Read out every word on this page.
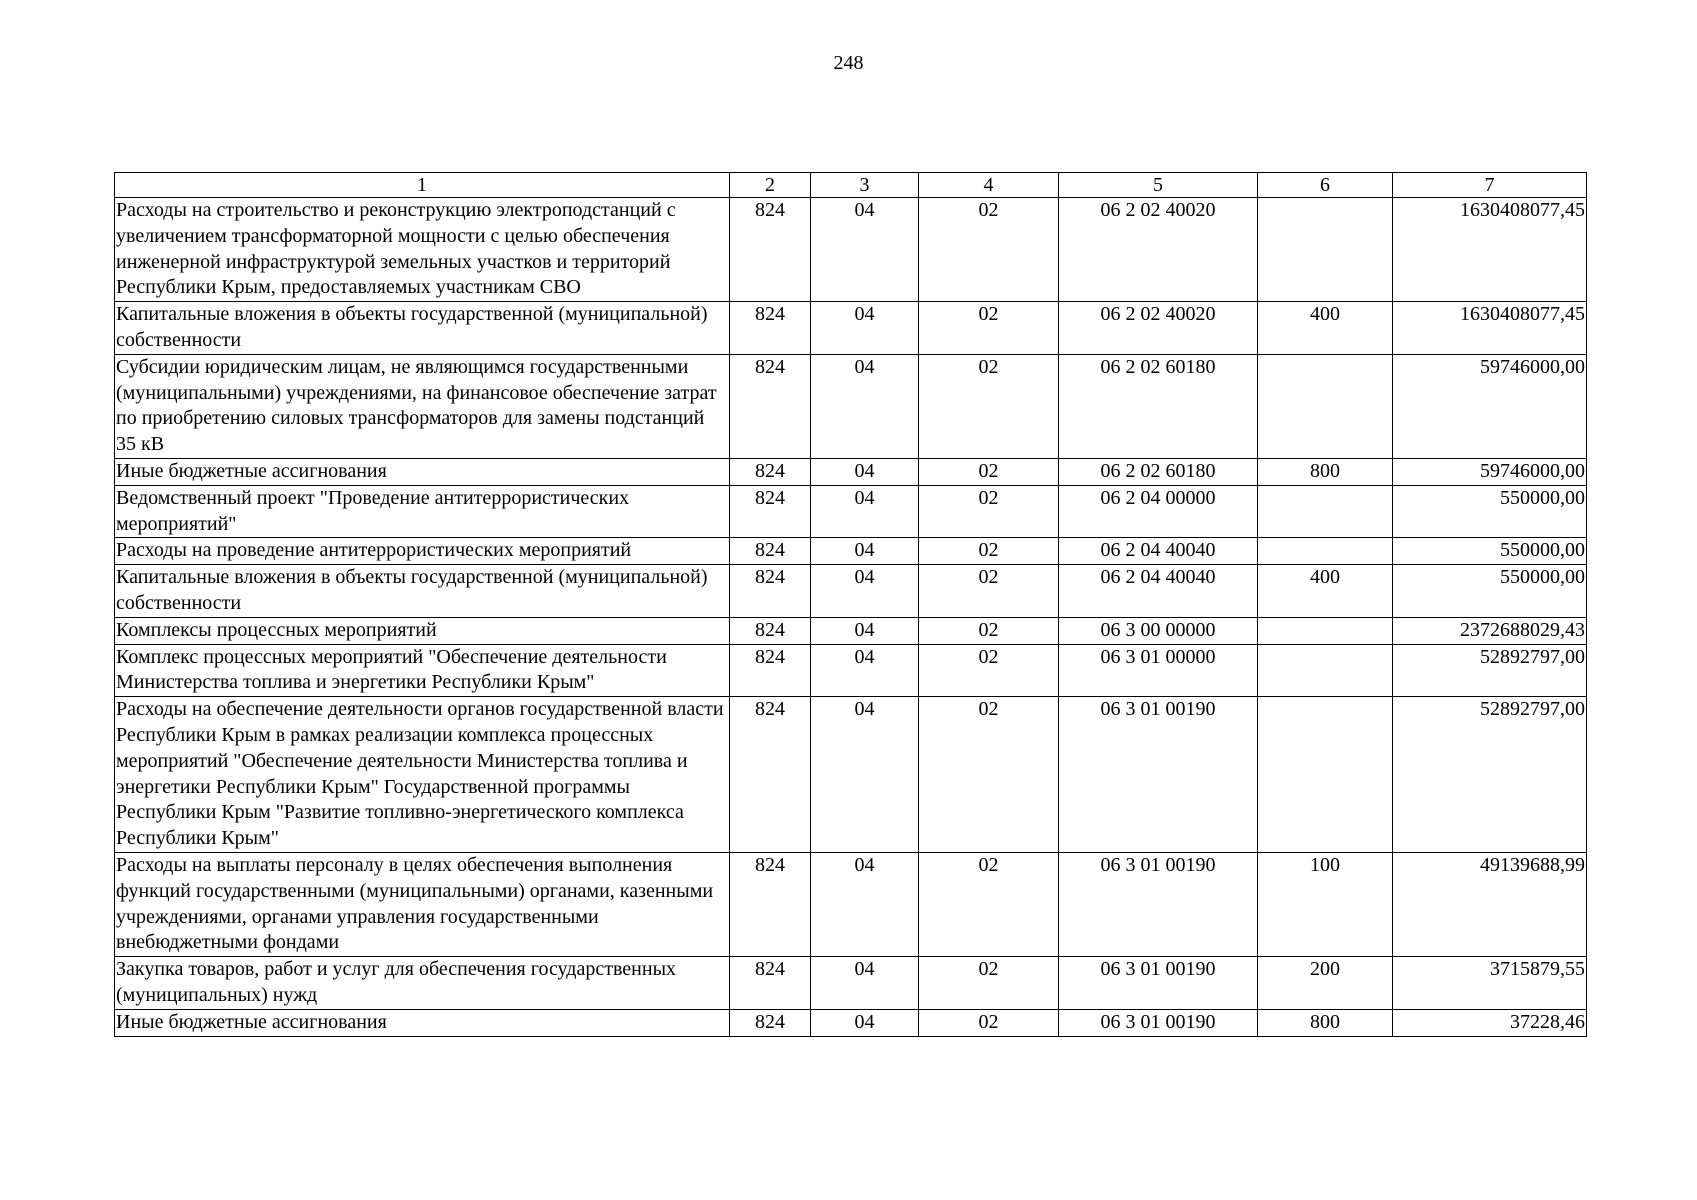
248
1	2	3	4	5	6	7
Расходы на строительство и реконструкцию электроподстанций с увеличением трансформаторной мощности с целью обеспечения инженерной инфраструктурой земельных участков и территорий Республики Крым, предоставляемых участникам СВО	824	04	02	06 2 02 40020		1630408077,45
Капитальные вложения в объекты государственной (муниципальной) собственности	824	04	02	06 2 02 40020	400	1630408077,45
Субсидии юридическим лицам, не являющимся государственными (муниципальными) учреждениями, на финансовое обеспечение затрат по приобретению силовых трансформаторов для замены подстанций 35 кВ	824	04	02	06 2 02 60180		59746000,00
Иные бюджетные ассигнования	824	04	02	06 2 02 60180	800	59746000,00
Ведомственный проект "Проведение антитеррористических мероприятий"	824	04	02	06 2 04 00000		550000,00
Расходы на проведение антитеррористических мероприятий	824	04	02	06 2 04 40040		550000,00
Капитальные вложения в объекты государственной (муниципальной) собственности	824	04	02	06 2 04 40040	400	550000,00
Комплексы процессных мероприятий	824	04	02	06 3 00 00000		2372688029,43
Комплекс процессных мероприятий "Обеспечение деятельности Министерства топлива и энергетики Республики Крым"	824	04	02	06 3 01 00000		52892797,00
Расходы на обеспечение деятельности органов государственной власти Республики Крым в рамках реализации комплекса процессных мероприятий "Обеспечение деятельности Министерства топлива и энергетики Республики Крым" Государственной программы Республики Крым "Развитие топливно-энергетического комплекса Республики Крым"	824	04	02	06 3 01 00190		52892797,00
Расходы на выплаты персоналу в целях обеспечения выполнения функций государственными (муниципальными) органами, казенными учреждениями, органами управления государственными внебюджетными фондами	824	04	02	06 3 01 00190	100	49139688,99
Закупка товаров, работ и услуг для обеспечения государственных (муниципальных) нужд	824	04	02	06 3 01 00190	200	3715879,55
Иные бюджетные ассигнования	824	04	02	06 3 01 00190	800	37228,46
